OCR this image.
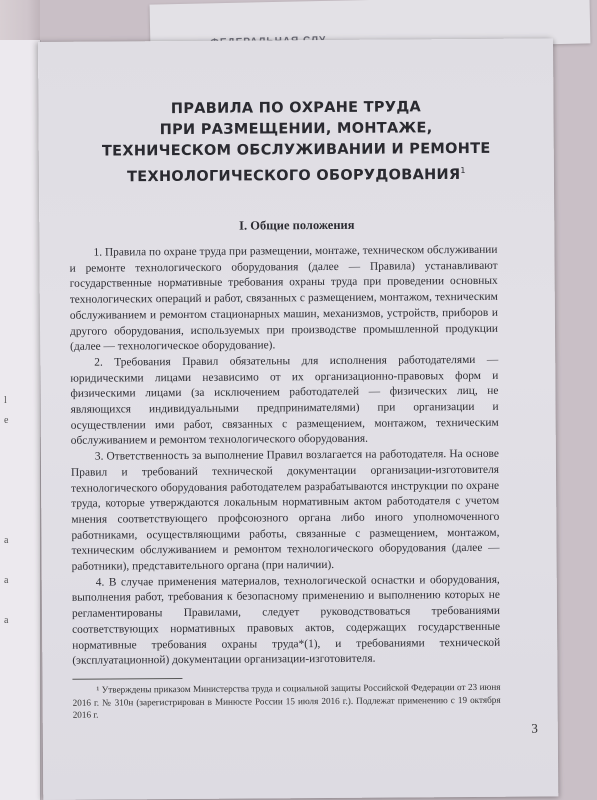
l
e
а
а
а
ПРАВИЛА ПО ОХРАНЕ ТРУДА
ПРИ РАЗМЕЩЕНИИ, МОНТАЖЕ,
ТЕХНИЧЕСКОМ ОБСЛУЖИВАНИИ И РЕМОНТЕ
ТЕХНОЛОГИЧЕСКОГО ОБОРУДОВАНИЯ$^1$
I. Общие положения

1. Правила по охране труда при размещении, монтаже, техническом обслуживании и ремонте технологического оборудования (далее — Правила) устанавливают государственные нормативные требования охраны труда при проведении основных технологических операций и работ, связанных с размещением, монтажом, техническим обслуживанием и ремонтом стационарных машин, механизмов, устройств, приборов и другого оборудования, используемых при производстве промышленной продукции (далее — технологическое оборудование).

2. Требования Правил обязательны для исполнения работодателями — юридическими лицами независимо от их организационно-правовых форм и физическими лицами (за исключением работодателей — физических лиц, не являющихся индивидуальными предпринимателями) при организации и осуществлении ими работ, связанных с размещением, монтажом, техническим обслуживанием и ремонтом технологического оборудования.

3. Ответственность за выполнение Правил возлагается на работодателя. На основе Правил и требований технической документации организации-изготовителя технологического оборудования работодателем разрабатываются инструкции по охране труда, которые утверждаются локальным нормативным актом работодателя с учетом мнения соответствующего профсоюзного органа либо иного уполномоченного работниками, осуществляющими работы, связанные с размещением, монтажом, техническим обслуживанием и ремонтом технологического оборудования (далее — работники), представительного органа (при наличии).

4. В случае применения материалов, технологической оснастки и оборудования, выполнения работ, требования к безопасному применению и выполнению которых не регламентированы Правилами, следует руководствоваться требованиями соответствующих нормативных правовых актов, содержащих государственные нормативные требования охраны труда*(1), и требованиями технической (эксплуатационной) документации организации-изготовителя.

¹ Утверждены приказом Министерства труда и социальной защиты Российской Федерации от 23 июня 2016 г. № 310н (зарегистрирован в Минюсте России 15 июля 2016 г.). Подлежат применению с 19 октября 2016 г.

3
